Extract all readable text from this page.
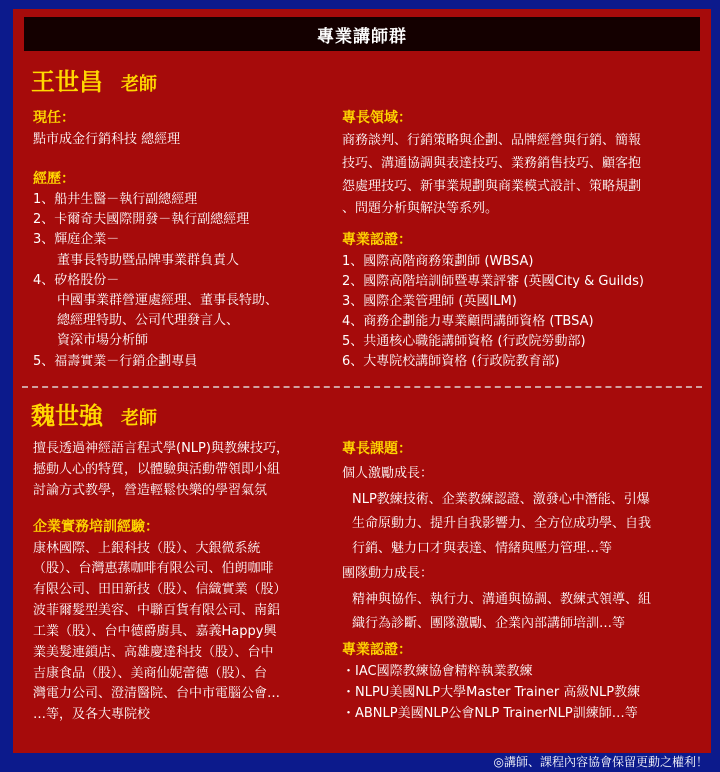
專業講師群
王世昌 老師
現任：
點市成金行銷科技 總經理
經歷：
1、船井生醫－執行副總經理
2、卡爾奇夫國際開發－執行副總經理
3、輝庭企業－
董事長特助暨品牌事業群負責人
4、矽格股份－
中國事業群營運處經理、董事長特助、
總經理特助、公司代理發言人、
資深市場分析師
5、福壽實業－行銷企劃專員
專長領域：
商務談判、行銷策略與企劃、品牌經營與行銷、簡報
技巧、溝通協調與表達技巧、業務銷售技巧、顧客抱
怨處理技巧、新事業規劃與商業模式設計、策略規劃
、問題分析與解決等系列。
專業認證：
1、國際高階商務策劃師 (WBSA)
2、國際高階培訓師暨專業評審 (英國City & Guilds)
3、國際企業管理師 (英國ILM)
4、商務企劃能力專業顧問講師資格 (TBSA)
5、共通核心職能講師資格 (行政院勞動部)
6、大專院校講師資格 (行政院教育部)
魏世強 老師
擅長透過神經語言程式學(NLP)與教練技巧，
撼動人心的特質，以體驗與活動帶領即小組
討論方式教學，營造輕鬆快樂的學習氣氛
企業實務培訓經驗：
康林國際、上銀科技（股）、大銀微系統
（股）、台灣惠蓀咖啡有限公司、伯朗咖啡
有限公司、田田新技（股）、信織實業（股）
波菲爾髮型美容、中聯百貨有限公司、南鋁
工業（股）、台中德爵廚具、嘉義Happy興
業美髮連鎖店、高雄慶達科技（股）、台中
吉康食品（股）、美商仙妮蕾德（股）、台
灣電力公司、澄清醫院、台中市電腦公會…
…等，及各大專院校
專長課題：
個人激勵成長：
NLP教練技術、企業教練認證、激發心中潛能、引爆
生命原動力、提升自我影響力、全方位成功學、自我
行銷、魅力口才與表達、情緒與壓力管理…等
團隊動力成長：
精神與協作、執行力、溝通與協調、教練式領導、組
織行為診斷、團隊激勵、企業內部講師培訓…等
專業認證：
・IAC國際教練協會精粹執業教練
・NLPU美國NLP大學Master Trainer 高級NLP教練
・ABNLP美國NLP公會NLP TrainerNLP訓練師…等
◎講師、課程內容協會保留更動之權利！
